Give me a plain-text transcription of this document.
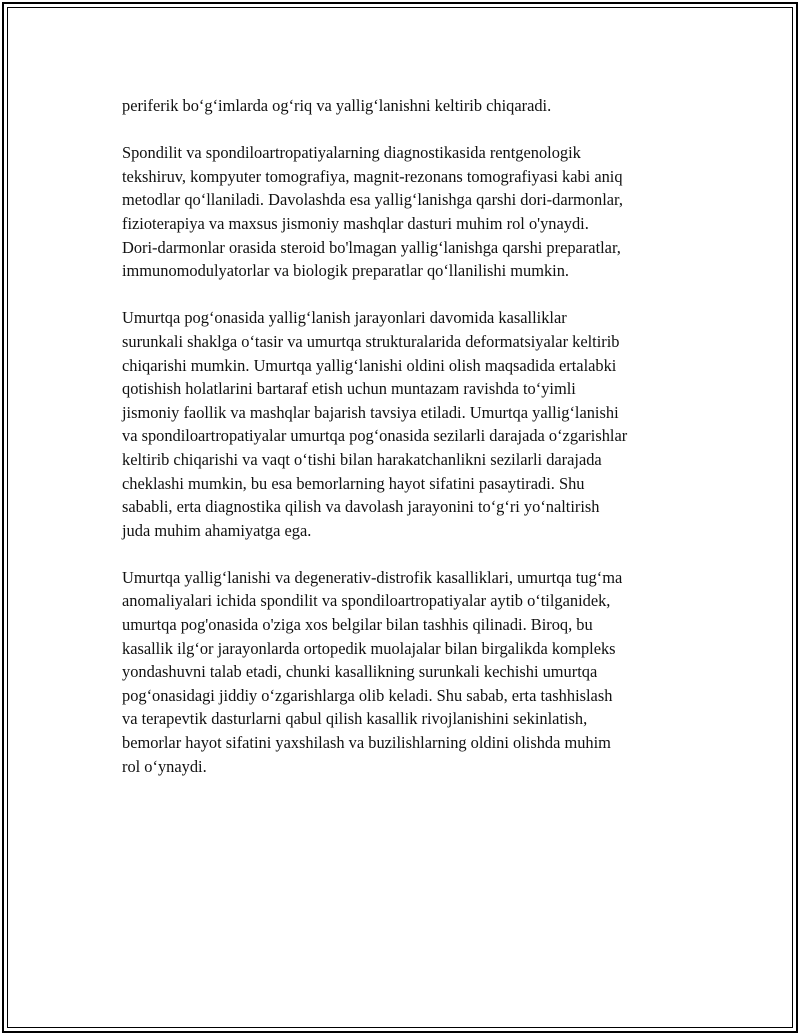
periferik bo‘g‘imlarda og‘riq va yallig‘lanishni keltirib chiqaradi.

Spondilit va spondiloartropatiyalarning diagnostikasida rentgenologik
tekshiruv, kompyuter tomografiya, magnit-rezonans tomografiyasi kabi aniq
metodlar qo‘llaniladi. Davolashda esa yallig‘lanishga qarshi dori-darmonlar,
fizioterapiya va maxsus jismoniy mashqlar dasturi muhim rol o'ynaydi.
Dori-darmonlar orasida steroid bo'lmagan yallig‘lanishga qarshi preparatlar,
immunomodulyatorlar va biologik preparatlar qo‘llanilishi mumkin.

Umurtqa pog‘onasida yallig‘lanish jarayonlari davomida kasalliklar
surunkali shaklga o‘tasir va umurtqa strukturalarida deformatsiyalar keltirib
chiqarishi mumkin. Umurtqa yallig‘lanishi oldini olish maqsadida ertalabki
qotishish holatlarini bartaraf etish uchun muntazam ravishda to‘yimli
jismoniy faollik va mashqlar bajarish tavsiya etiladi. Umurtqa yallig‘lanishi
va spondiloartropatiyalar umurtqa pog‘onasida sezilarli darajada o‘zgarishlar
keltirib chiqarishi va vaqt o‘tishi bilan harakatchanlikni sezilarli darajada
cheklashi mumkin, bu esa bemorlarning hayot sifatini pasaytiradi. Shu
sababli, erta diagnostika qilish va davolash jarayonini to‘g‘ri yo‘naltirish
juda muhim ahamiyatga ega.

Umurtqa yallig‘lanishi va degenerativ-distrofik kasalliklari, umurtqa tug‘ma
anomaliyalari ichida spondilit va spondiloartropatiyalar aytib o‘tilganidek,
umurtqa pog'onasida o'ziga xos belgilar bilan tashhis qilinadi. Biroq, bu
kasallik ilg‘or jarayonlarda ortopedik muolajalar bilan birgalikda kompleks
yondashuvni talab etadi, chunki kasallikning surunkali kechishi umurtqa
pog‘onasidagi jiddiy o‘zgarishlarga olib keladi. Shu sabab, erta tashhislash
va terapevtik dasturlarni qabul qilish kasallik rivojlanishini sekinlatish,
bemorlar hayot sifatini yaxshilash va buzilishlarning oldini olishda muhim
rol o‘ynaydi.
